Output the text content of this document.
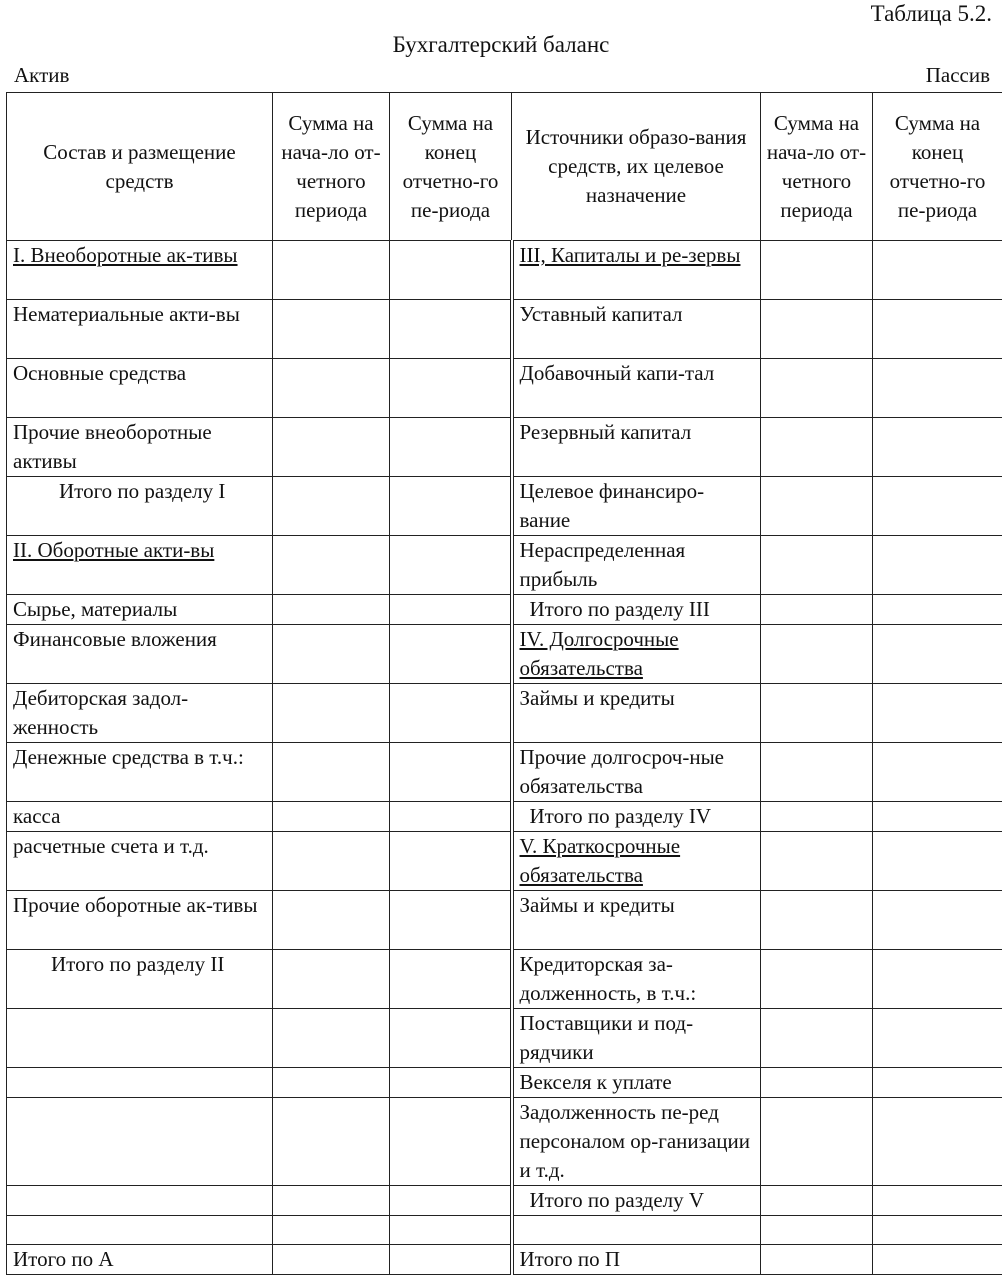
Таблица 5.2.
Бухгалтерский баланс
Актив	Пассив
Состав и размещение средств	Сумма на нача-ло от-четного периода	Сумма на конец отчетно-го пе-риода	Источники образо-вания средств, их целевое назначение	Сумма на нача-ло от-четного периода	Сумма на конец отчетно-го пе-риода
I. Внеоборотные ак-тивы			III, Капиталы и ре-зервы		
Нематериальные акти-вы			Уставный капитал		
Основные средства			Добавочный капи-тал		
Прочие внеоборотные активы			Резервный капитал		
Итого по разделу I			Целевое финансиро-вание		
II. Оборотные акти-вы			Нераспределенная прибыль		
Сырье, материалы			Итого по разделу III		
Финансовые вложения			IV. Долгосрочные обязательства		
Дебиторская задол-женность			Займы и кредиты		
Денежные средства в т.ч.:			Прочие долгосроч-ные обязательства		
касса			Итого по разделу IV		
расчетные счета и т.д.			V. Краткосрочные обязательства		
Прочие оборотные ак-тивы			Займы и кредиты		
Итого по разделу II			Кредиторская за-долженность, в т.ч.:		
			Поставщики и под-рядчики		
			Векселя к уплате		
			Задолженность пе-ред персоналом ор-ганизации и т.д.		
			Итого по разделу V		

Итого по А			Итого по П		
